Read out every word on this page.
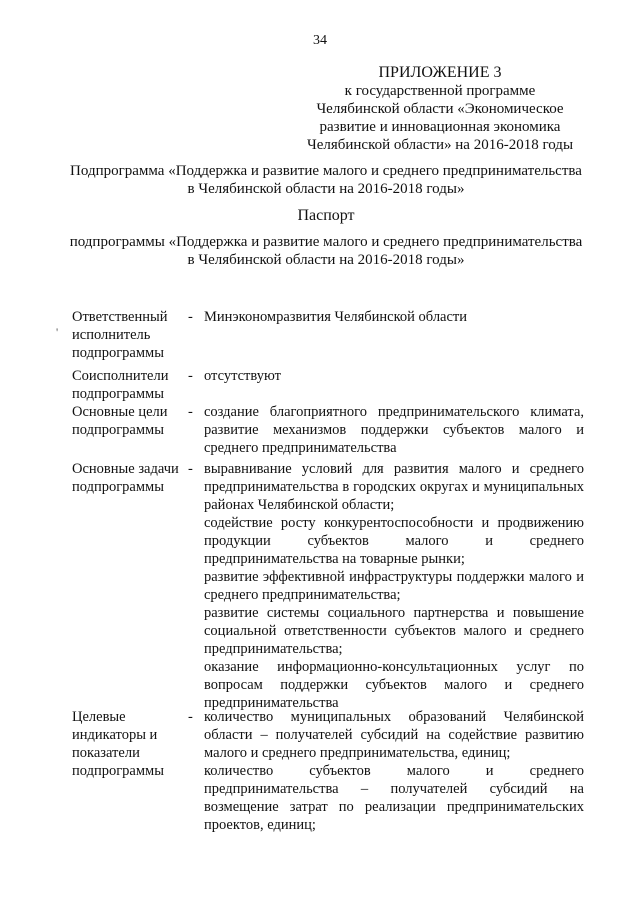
34
ПРИЛОЖЕНИЕ 3
к государственной программе
Челябинской области «Экономическое
развитие и инновационная экономика
Челябинской области» на 2016-2018 годы
Подпрограмма «Поддержка и развитие малого и среднего предпринимательства
в Челябинской области на 2016-2018 годы»
Паспорт
подпрограммы «Поддержка и развитие малого и среднего предпринимательства
в Челябинской области на 2016-2018 годы»
'
Ответственный исполнитель подпрограммы
- Минэкономразвития Челябинской области

Соисполнители подпрограммы
- отсутствуют

Основные цели подпрограммы
- создание благоприятного предпринимательского климата, развитие механизмов поддержки субъектов малого и среднего предпринимательства

Основные задачи подпрограммы
- выравнивание условий для развития малого и среднего предпринимательства в городских округах и муниципальных районах Челябинской области;

содействие росту конкурентоспособности и продвижению продукции субъектов малого и среднего предпринимательства на товарные рынки;

развитие эффективной инфраструктуры поддержки малого и среднего предпринимательства;

развитие системы социального партнерства и повышение социальной ответственности субъектов малого и среднего предпринимательства;

оказание информационно-консультационных услуг по вопросам поддержки субъектов малого и среднего предпринимательства

Целевые индикаторы и показатели подпрограммы
- количество муниципальных образований Челябинской области – получателей субсидий на содействие развитию малого и среднего предпринимательства, единиц;

количество субъектов малого и среднего предпринимательства – получателей субсидий на возмещение затрат по реализации предпринимательских проектов, единиц;
